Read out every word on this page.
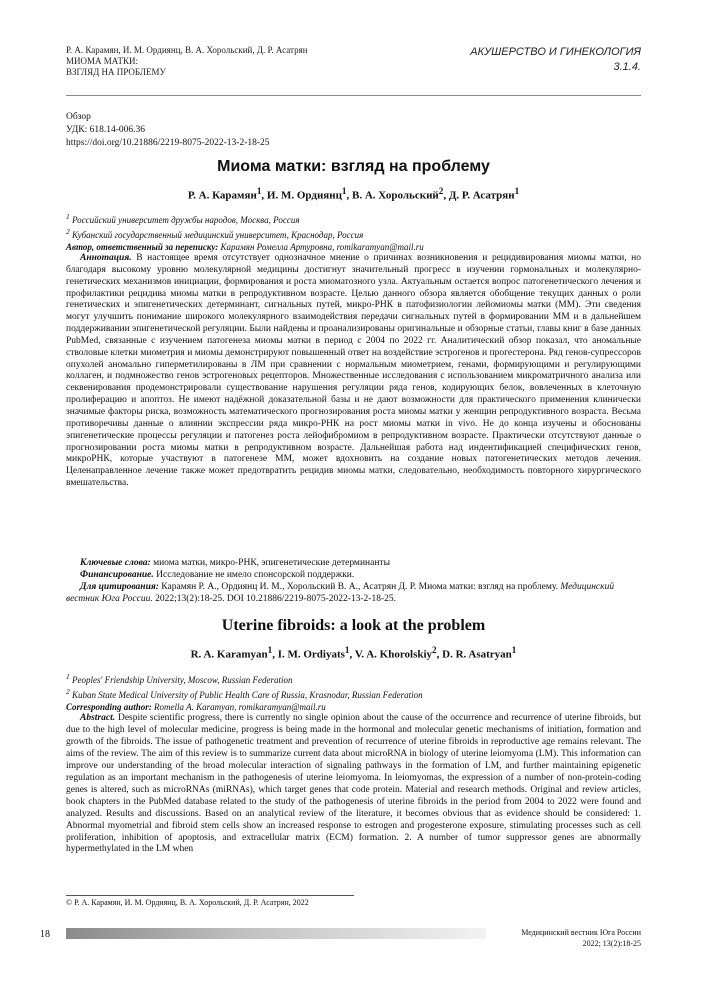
Р. А. Карамян, И. М. Ордиянц, В. А. Хорольский, Д. Р. Асатрян
МИОМА МАТКИ:
ВЗГЛЯД НА ПРОБЛЕМУ
АКУШЕРСТВО И ГИНЕКОЛОГИЯ
3.1.4.
Обзор
УДК: 618.14-006.36
https://doi.org/10.21886/2219-8075-2022-13-2-18-25
Миома матки: взгляд на проблему
Р. А. Карамян$^1$, И. М. Ордиянц$^1$, В. А. Хорольский$^2$, Д. Р. Асатрян$^1$
$^1$ Российский университет дружбы народов, Москва, Россия
$^2$ Кубанский государственный медицинский университет, Краснодар, Россия
Автор, ответственный за переписку: Карамян Ромелла Артуровна, romikaramyan@mail.ru

Аннотация. В настоящее время отсутствует однозначное мнение о причинах возникновения и рецидивирования миомы матки, но благодаря высокому уровню молекулярной медицины достигнут значительный прогресс в изучении гормональных и молекулярно-генетических механизмов инициации, формирования и роста миоматозного узла. Актуальным остается вопрос патогенетического лечения и профилактики рецидива миомы матки в репродуктивном возрасте. Целью данного обзора является обобщение текущих данных о роли генетических и эпигенетических детерминант, сигнальных путей, микро-РНК в патофизиологии лейомиомы матки (ММ). Эти сведения могут улучшить понимание широкого молекулярного взаимодействия передачи сигнальных путей в формировании ММ и в дальнейшем поддерживании эпигенетической регуляции. Были найдены и проанализированы оригинальные и обзорные статьи, главы книг в базе данных PubMed, связанные с изучением патогенеза миомы матки в период с 2004 по 2022 гг. Аналитический обзор показал, что аномальные стволовые клетки миометрия и миомы демонстрируют повышенный ответ на воздействие эстрогенов и прогестерона. Ряд генов-супрессоров опухолей аномально гиперметилированы в ЛМ при сравнении с нормальным миометрием, генами, формирующими и регулирующими коллаген, и подмножество генов эстрогеновых рецепторов. Множественные исследования с использованием микроматричного анализа или секвенирования продемонстрировали существование нарушения регуляции ряда генов, кодирующих белок, вовлеченных в клеточную пролиферацию и апоптоз. Не имеют надёжной доказательной базы и не дают возможности для практического применения клинически значимые факторы риска, возможность математического прогнозирования роста миомы матки у женщин репродуктивного возраста. Весьма противоречивы данные о влиянии экспрессии ряда микро-РНК на рост миомы матки in vivo. Не до конца изучены и обоснованы эпигенетические процессы регуляции и патогенез роста лейофибромиом в репродуктивном возрасте. Практически отсутствуют данные о прогнозировании роста миомы матки в репродуктивном возрасте. Дальнейшая работа над индентификацией специфических генов, микроРНК, которые участвуют в патогенезе ММ, может вдохновить на создание новых патогенетических методов лечения. Целенаправленное лечение также может предотвратить рецидив миомы матки, следовательно, необходимость повторного хирургического вмешательства.

Ключевые слова: миома матки, микро-РНК, эпигенетические детерминанты
Финансирование. Исследование не имело спонсорской поддержки.
Для цитирования: Карамян Р. А., Ордиянц И. М., Хорольский В. А., Асатрян Д. Р. Миома матки: взгляд на проблему. Медицинский вестник Юга России. 2022;13(2):18-25. DOI 10.21886/2219-8075-2022-13-2-18-25.
Uterine fibroids: a look at the problem
R. A. Karamyan$^1$, I. M. Ordiyats$^1$, V. A. Khorolskiy$^2$, D. R. Asatryan$^1$
$^1$ Peoples' Friendship University, Moscow, Russian Federation
$^2$ Kuban State Medical University of Public Health Care of Russia, Krasnodar, Russian Federation
Corresponding author: Romella A. Karamyan, romikaramyan@mail.ru

Abstract. Despite scientific progress, there is currently no single opinion about the cause of the occurrence and recurrence of uterine fibroids, but due to the high level of molecular medicine, progress is being made in the hormonal and molecular genetic mechanisms of initiation, formation and growth of the fibroids. The issue of pathogenetic treatment and prevention of recurrence of uterine fibroids in reproductive age remains relevant. The aims of the review. The aim of this review is to summarize current data about microRNA in biology of uterine leiomyoma (LM). This information can improve our understanding of the broad molecular interaction of signaling pathways in the formation of LM, and further maintaining epigenetic regulation as an important mechanism in the pathogenesis of uterine leiomyoma. In leiomyomas, the expression of a number of non-protein-coding genes is altered, such as microRNAs (miRNAs), which target genes that code protein. Material and research methods. Original and review articles, book chapters in the PubMed database related to the study of the pathogenesis of uterine fibroids in the period from 2004 to 2022 were found and analyzed. Results and discussions. Based on an analytical review of the literature, it becomes obvious that as evidence should be considered: 1. Abnormal myometrial and fibroid stem cells show an increased response to estrogen and progesterone exposure, stimulating processes such as cell proliferation, inhibition of apoptosis, and extracellular matrix (ECM) formation. 2. A number of tumor suppressor genes are abnormally hypermethylated in the LM when

© Р. А. Карамян, И. М. Ордиянц, В. А. Хорольский, Д. Р. Асатрян, 2022
18	Медицинский вестник Юга России
2022; 13(2):18-25
